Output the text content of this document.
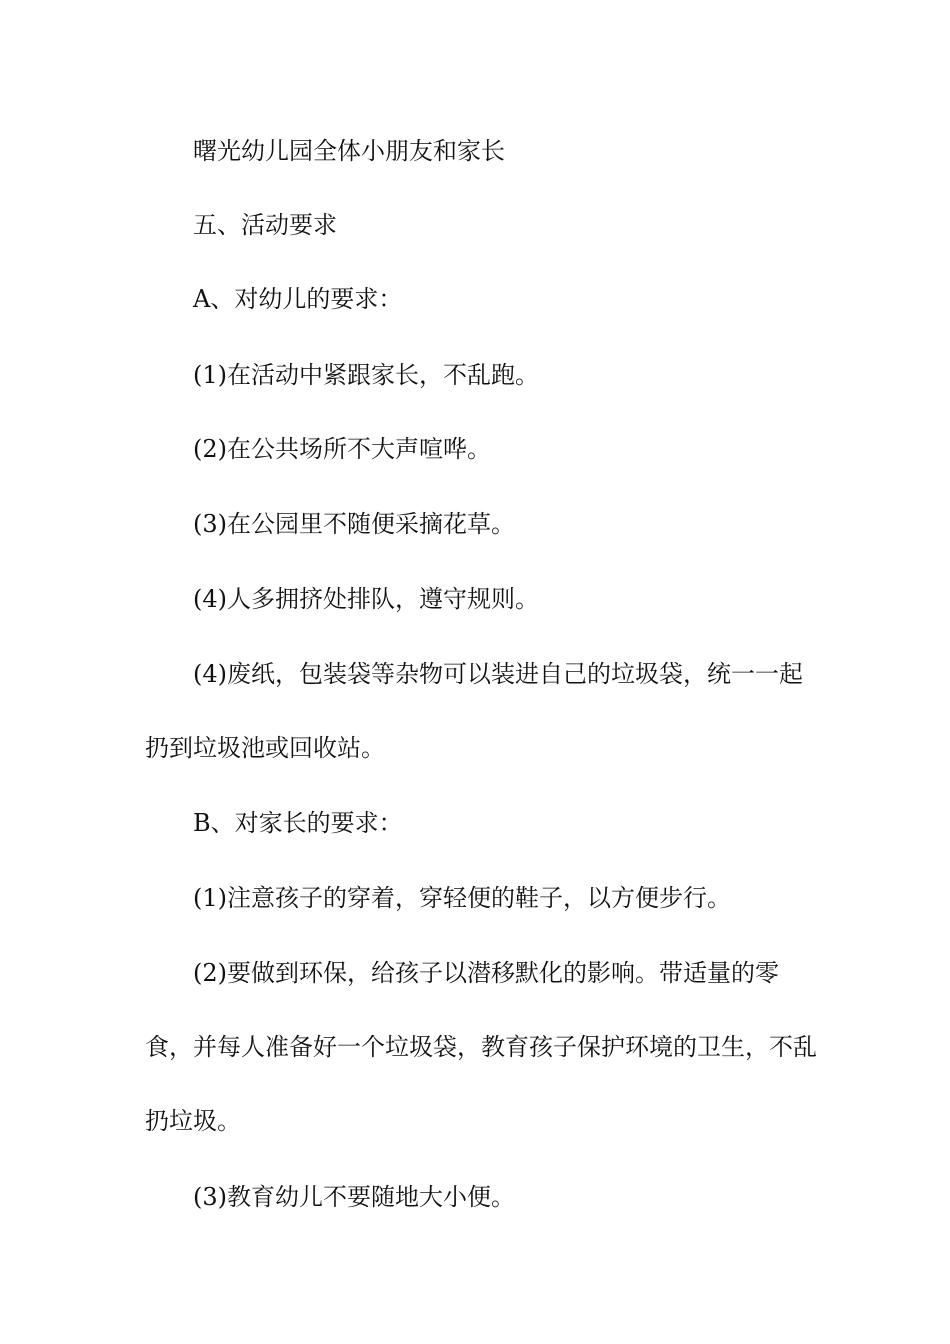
曙光幼儿园全体小朋友和家长

五、活动要求

A、对幼儿的要求：

(1)在活动中紧跟家长，不乱跑。

(2)在公共场所不大声喧哗。

(3)在公园里不随便采摘花草。

(4)人多拥挤处排队，遵守规则。

(4)废纸，包装袋等杂物可以装进自己的垃圾袋，统一一起扔到垃圾池或回收站。

B、对家长的要求：

(1)注意孩子的穿着，穿轻便的鞋子，以方便步行。

(2)要做到环保，给孩子以潜移默化的影响。带适量的零食，并每人准备好一个垃圾袋，教育孩子保护环境的卫生，不乱扔垃圾。

(3)教育幼儿不要随地大小便。
